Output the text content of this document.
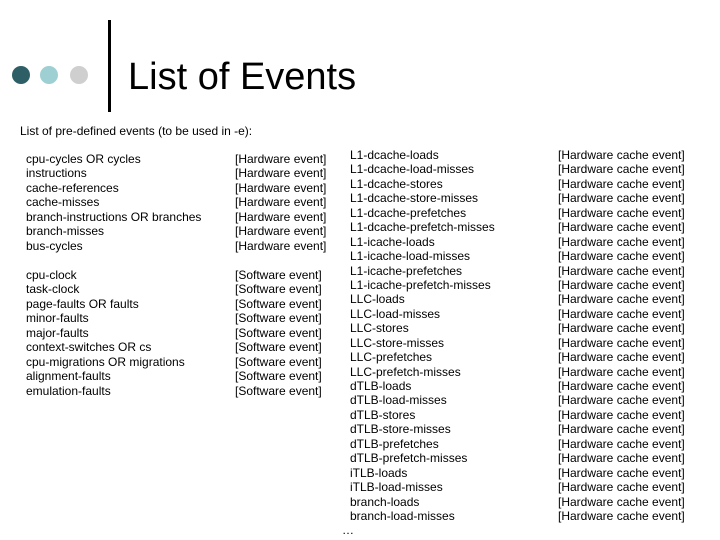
List of Events
List of pre-defined events (to be used in -e):
cpu-cycles OR cycles
instructions
cache-references
cache-misses
branch-instructions OR branches
branch-misses
bus-cycles
[Hardware event]
[Hardware event]
[Hardware event]
[Hardware event]
[Hardware event]
[Hardware event]
[Hardware event]
cpu-clock
task-clock
page-faults OR faults
minor-faults
major-faults
context-switches OR cs
cpu-migrations OR migrations
alignment-faults
emulation-faults
[Software event]
[Software event]
[Software event]
[Software event]
[Software event]
[Software event]
[Software event]
[Software event]
[Software event]
L1-dcache-loads
L1-dcache-load-misses
L1-dcache-stores
L1-dcache-store-misses
L1-dcache-prefetches
L1-dcache-prefetch-misses
L1-icache-loads
L1-icache-load-misses
L1-icache-prefetches
L1-icache-prefetch-misses
LLC-loads
LLC-load-misses
LLC-stores
LLC-store-misses
LLC-prefetches
LLC-prefetch-misses
dTLB-loads
dTLB-load-misses
dTLB-stores
dTLB-store-misses
dTLB-prefetches
dTLB-prefetch-misses
iTLB-loads
iTLB-load-misses
branch-loads
branch-load-misses
[Hardware cache event]
[Hardware cache event]
[Hardware cache event]
[Hardware cache event]
[Hardware cache event]
[Hardware cache event]
[Hardware cache event]
[Hardware cache event]
[Hardware cache event]
[Hardware cache event]
[Hardware cache event]
[Hardware cache event]
[Hardware cache event]
[Hardware cache event]
[Hardware cache event]
[Hardware cache event]
[Hardware cache event]
[Hardware cache event]
[Hardware cache event]
[Hardware cache event]
[Hardware cache event]
[Hardware cache event]
[Hardware cache event]
[Hardware cache event]
[Hardware cache event]
[Hardware cache event]
…
